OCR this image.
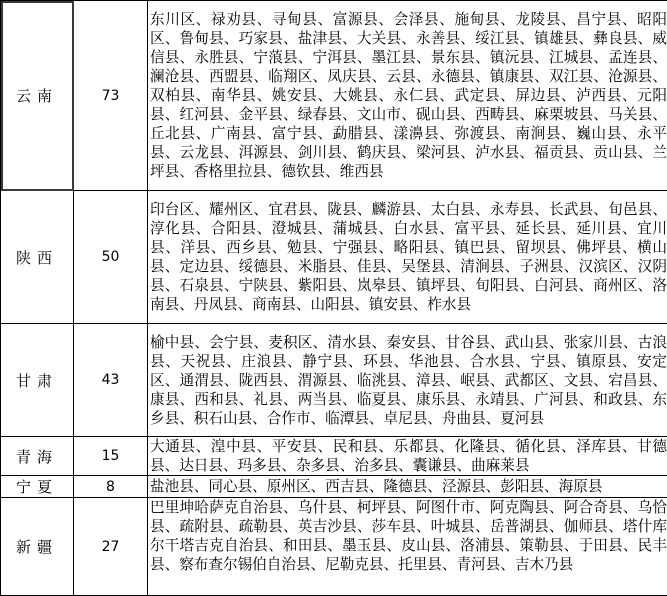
云南	73	东川区、禄劝县、寻甸县、富源县、会泽县、施甸县、龙陵县、昌宁县、昭阳区、鲁甸县、巧家县、盐津县、大关县、永善县、绥江县、镇雄县、彝良县、威信县、永胜县、宁蒗县、宁洱县、墨江县、景东县、镇沅县、江城县、孟连县、澜沧县、西盟县、临翔区、凤庆县、云县、永德县、镇康县、双江县、沧源县、双柏县、南华县、姚安县、大姚县、永仁县、武定县、屏边县、泸西县、元阳县、红河县、金平县、绿春县、文山市、砚山县、西畴县、麻栗坡县、马关县、丘北县、广南县、富宁县、勐腊县、漾濞县、弥渡县、南涧县、巍山县、永平县、云龙县、洱源县、剑川县、鹤庆县、梁河县、泸水县、福贡县、贡山县、兰坪县、香格里拉县、德钦县、维西县
陕西	50	印台区、耀州区、宜君县、陇县、麟游县、太白县、永寿县、长武县、旬邑县、淳化县、合阳县、澄城县、蒲城县、白水县、富平县、延长县、延川县、宜川县、洋县、西乡县、勉县、宁强县、略阳县、镇巴县、留坝县、佛坪县、横山县、定边县、绥德县、米脂县、佳县、吴堡县、清涧县、子洲县、汉滨区、汉阴县、石泉县、宁陕县、紫阳县、岚皋县、镇坪县、旬阳县、白河县、商州区、洛南县、丹凤县、商南县、山阳县、镇安县、柞水县
甘肃	43	榆中县、会宁县、麦积区、清水县、秦安县、甘谷县、武山县、张家川县、古浪县、天祝县、庄浪县、静宁县、环县、华池县、合水县、宁县、镇原县、安定区、通渭县、陇西县、渭源县、临洮县、漳县、岷县、武都区、文县、宕昌县、康县、西和县、礼县、两当县、临夏县、康乐县、永靖县、广河县、和政县、东乡县、积石山县、合作市、临潭县、卓尼县、舟曲县、夏河县
青海	15	大通县、湟中县、平安县、民和县、乐都县、化隆县、循化县、泽库县、甘德县、达日县、玛多县、杂多县、治多县、囊谦县、曲麻莱县
宁夏	8	盐池县、同心县、原州区、西吉县、隆德县、泾源县、彭阳县、海原县
新疆	27	巴里坤哈萨克自治县、乌什县、柯坪县、阿图什市、阿克陶县、阿合奇县、乌恰县、疏附县、疏勒县、英吉沙县、莎车县、叶城县、岳普湖县、伽师县、塔什库尔干塔吉克自治县、和田县、墨玉县、皮山县、洛浦县、策勒县、于田县、民丰县、察布查尔锡伯自治县、尼勒克县、托里县、青河县、吉木乃县
